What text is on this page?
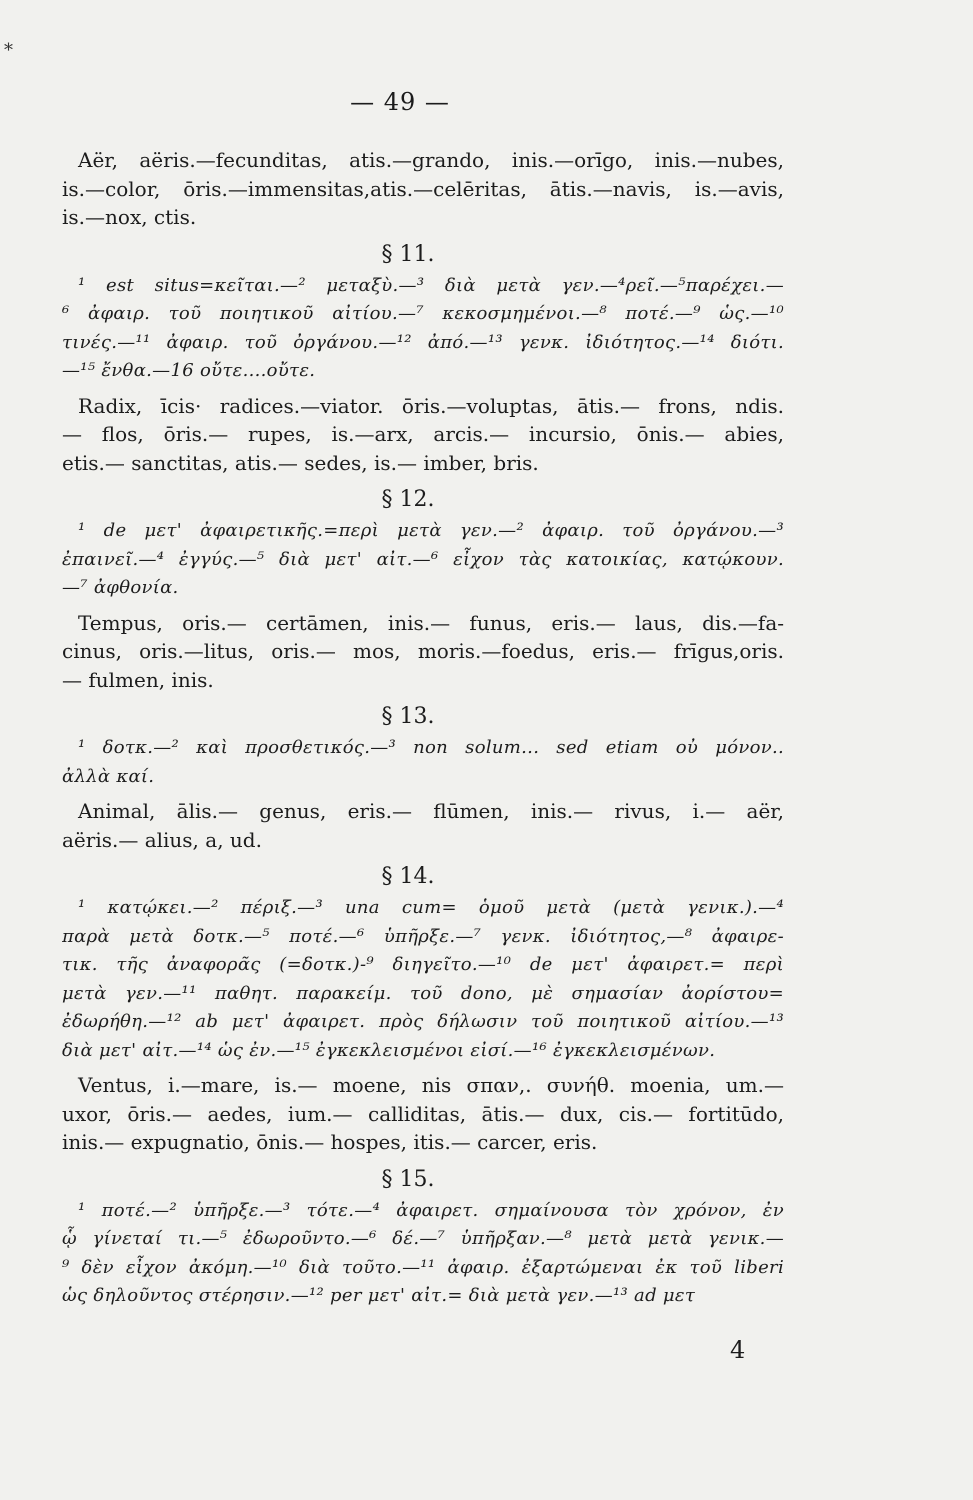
*
— 49 —
Aër, aëris.—fecunditas, atis.—grando, inis.—orīgo, inis.—nubes,
is.—color, ōris.—immensitas,atis.—celēritas, ātis.—navis, is.—avis,
is.—nox, ctis.
§ 11.
¹ est situs=κεῖται.—² μεταξὺ.—³ διὰ μετὰ γεν.—⁴ρεῖ.—⁵παρέχει.—
⁶ ἀφαιρ. τοῦ ποιητικοῦ αἰτίου.—⁷ κεκοσμημένοι.—⁸ ποτέ.—⁹ ὡς.—¹⁰
τινές.—¹¹ ἀφαιρ. τοῦ ὀργάνου.—¹² ἀπό.—¹³ γενκ. ἰδιότητος.—¹⁴ διότι.
—¹⁵ ἔνθα.—16 οὔτε....οὔτε.
Radix, īcis· radices.—viator. ōris.—voluptas, ātis.— frons, ndis.
— flos, ōris.— rupes, is.—arx, arcis.— incursio, ōnis.— abies,
etis.— sanctitas, atis.— sedes, is.— imber, bris.
§ 12.
¹ de μετ' ἀφαιρετικῆς.=περὶ μετὰ γεν.—² ἀφαιρ. τοῦ ὀργάνου.—³
ἐπαινεῖ.—⁴ ἐγγύς.—⁵ διὰ μετ' αἰτ.—⁶ εἶχον τὰς κατοικίας, κατῴκουν.
—⁷ ἀφθονία.
Tempus, oris.— certāmen, inis.— funus, eris.— laus, dis.—fa-
cinus, oris.—litus, oris.— mos, moris.—foedus, eris.— frīgus,oris.
— fulmen, inis.
§ 13.
¹ δοτκ.—² καὶ προσθετικός.—³ non solum... sed etiam οὐ μόνον..
ἀλλὰ καί.
Animal, ālis.— genus, eris.— flūmen, inis.— rivus, i.— aër,
aëris.— alius, a, ud.
§ 14.
¹ κατῴκει.—² πέριξ.—³ una cum= ὁμοῦ μετὰ (μετὰ γενικ.).—⁴
παρὰ μετὰ δοτκ.—⁵ ποτέ.—⁶ ὑπῆρξε.—⁷ γενκ. ἰδιότητος,—⁸ ἀφαιρε-
τικ. τῆς ἀναφορᾶς (=δοτκ.)-⁹ διηγεῖτο.—¹⁰ de μετ' ἀφαιρετ.= περὶ
μετὰ γεν.—¹¹ παθητ. παρακείμ. τοῦ dono, μὲ σημασίαν ἀορίστου=
ἐδωρήθη.—¹² ab μετ' ἀφαιρετ. πρὸς δήλωσιν τοῦ ποιητικοῦ αἰτίου.—¹³
διὰ μετ' αἰτ.—¹⁴ ὡς ἐν.—¹⁵ ἐγκεκλεισμένοι εἰσί.—¹⁶ ἐγκεκλεισμένων.
Ventus, i.—mare, is.— moene, nis σπαν,. συνήθ. moenia, um.—
uxor, ōris.— aedes, ium.— calliditas, ātis.— dux, cis.— fortitūdo,
inis.— expugnatio, ōnis.— hospes, itis.— carcer, eris.
§ 15.
¹ ποτέ.—² ὑπῆρξε.—³ τότε.—⁴ ἀφαιρετ. σημαίνουσα τὸν χρόνον, ἐν
ᾧ γίνεταί τι.—⁵ ἐδωροῦντο.—⁶ δέ.—⁷ ὑπῆρξαν.—⁸ μετὰ μετὰ γενικ.—
⁹ δὲν εἶχον ἀκόμη.—¹⁰ διὰ τοῦτο.—¹¹ ἀφαιρ. ἐξαρτώμεναι ἐκ τοῦ liberi
ὡς δηλοῦντος στέρησιν.—¹² per μετ' αἰτ.= διὰ μετὰ γεν.—¹³ ad μετ
4
